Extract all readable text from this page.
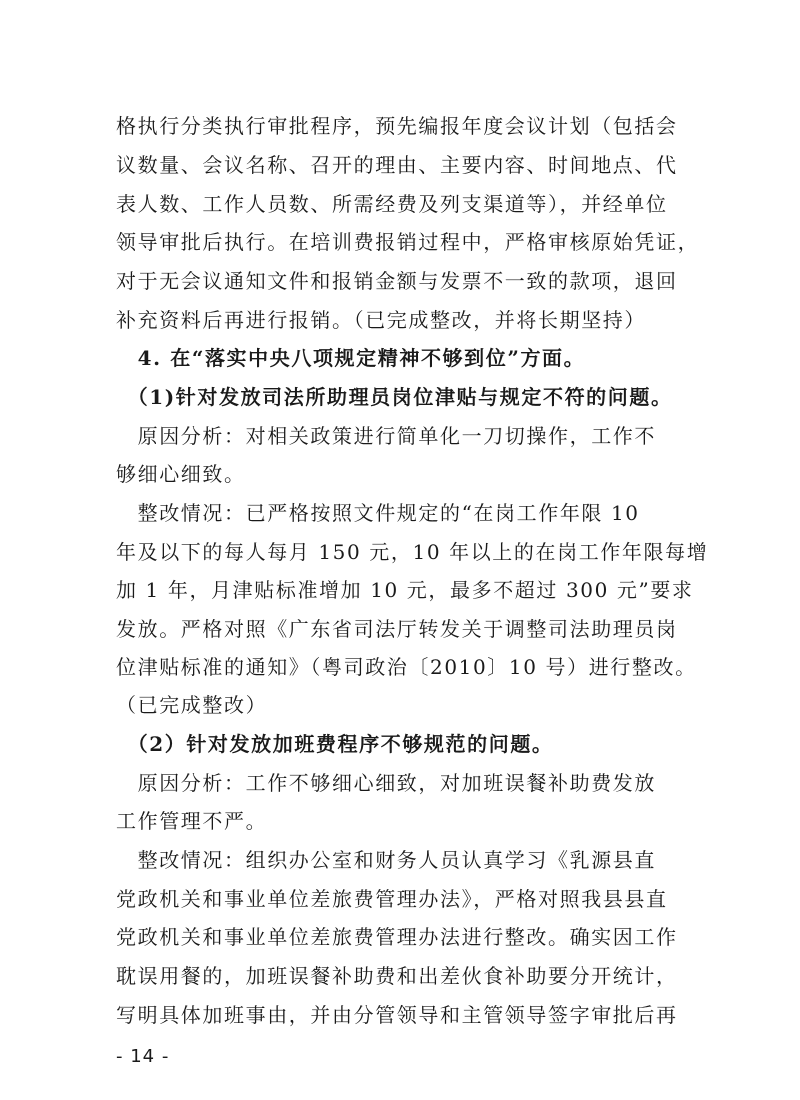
格执行分类执行审批程序，预先编报年度会议计划（包括会
议数量、会议名称、召开的理由、主要内容、时间地点、代
表人数、工作人员数、所需经费及列支渠道等），并经单位
领导审批后执行。在培训费报销过程中，严格审核原始凭证，
对于无会议通知文件和报销金额与发票不一致的款项，退回
补充资料后再进行报销。（已完成整改，并将长期坚持）
　4. 在“落实中央八项规定精神不够到位”方面。
　（1)针对发放司法所助理员岗位津贴与规定不符的问题。
　原因分析：对相关政策进行简单化一刀切操作，工作不
够细心细致。
　整改情况：已严格按照文件规定的“在岗工作年限 10
年及以下的每人每月 150 元，10 年以上的在岗工作年限每增
加 1 年，月津贴标准增加 10 元，最多不超过 300 元”要求
发放。严格对照《广东省司法厅转发关于调整司法助理员岗
位津贴标准的通知》（粤司政治〔2010〕10 号）进行整改。
（已完成整改）
　（2）针对发放加班费程序不够规范的问题。
　原因分析：工作不够细心细致，对加班误餐补助费发放
工作管理不严。
　整改情况：组织办公室和财务人员认真学习《乳源县直
党政机关和事业单位差旅费管理办法》，严格对照我县县直
党政机关和事业单位差旅费管理办法进行整改。确实因工作
耽误用餐的，加班误餐补助费和出差伙食补助要分开统计，
写明具体加班事由，并由分管领导和主管领导签字审批后再
- 14 -
